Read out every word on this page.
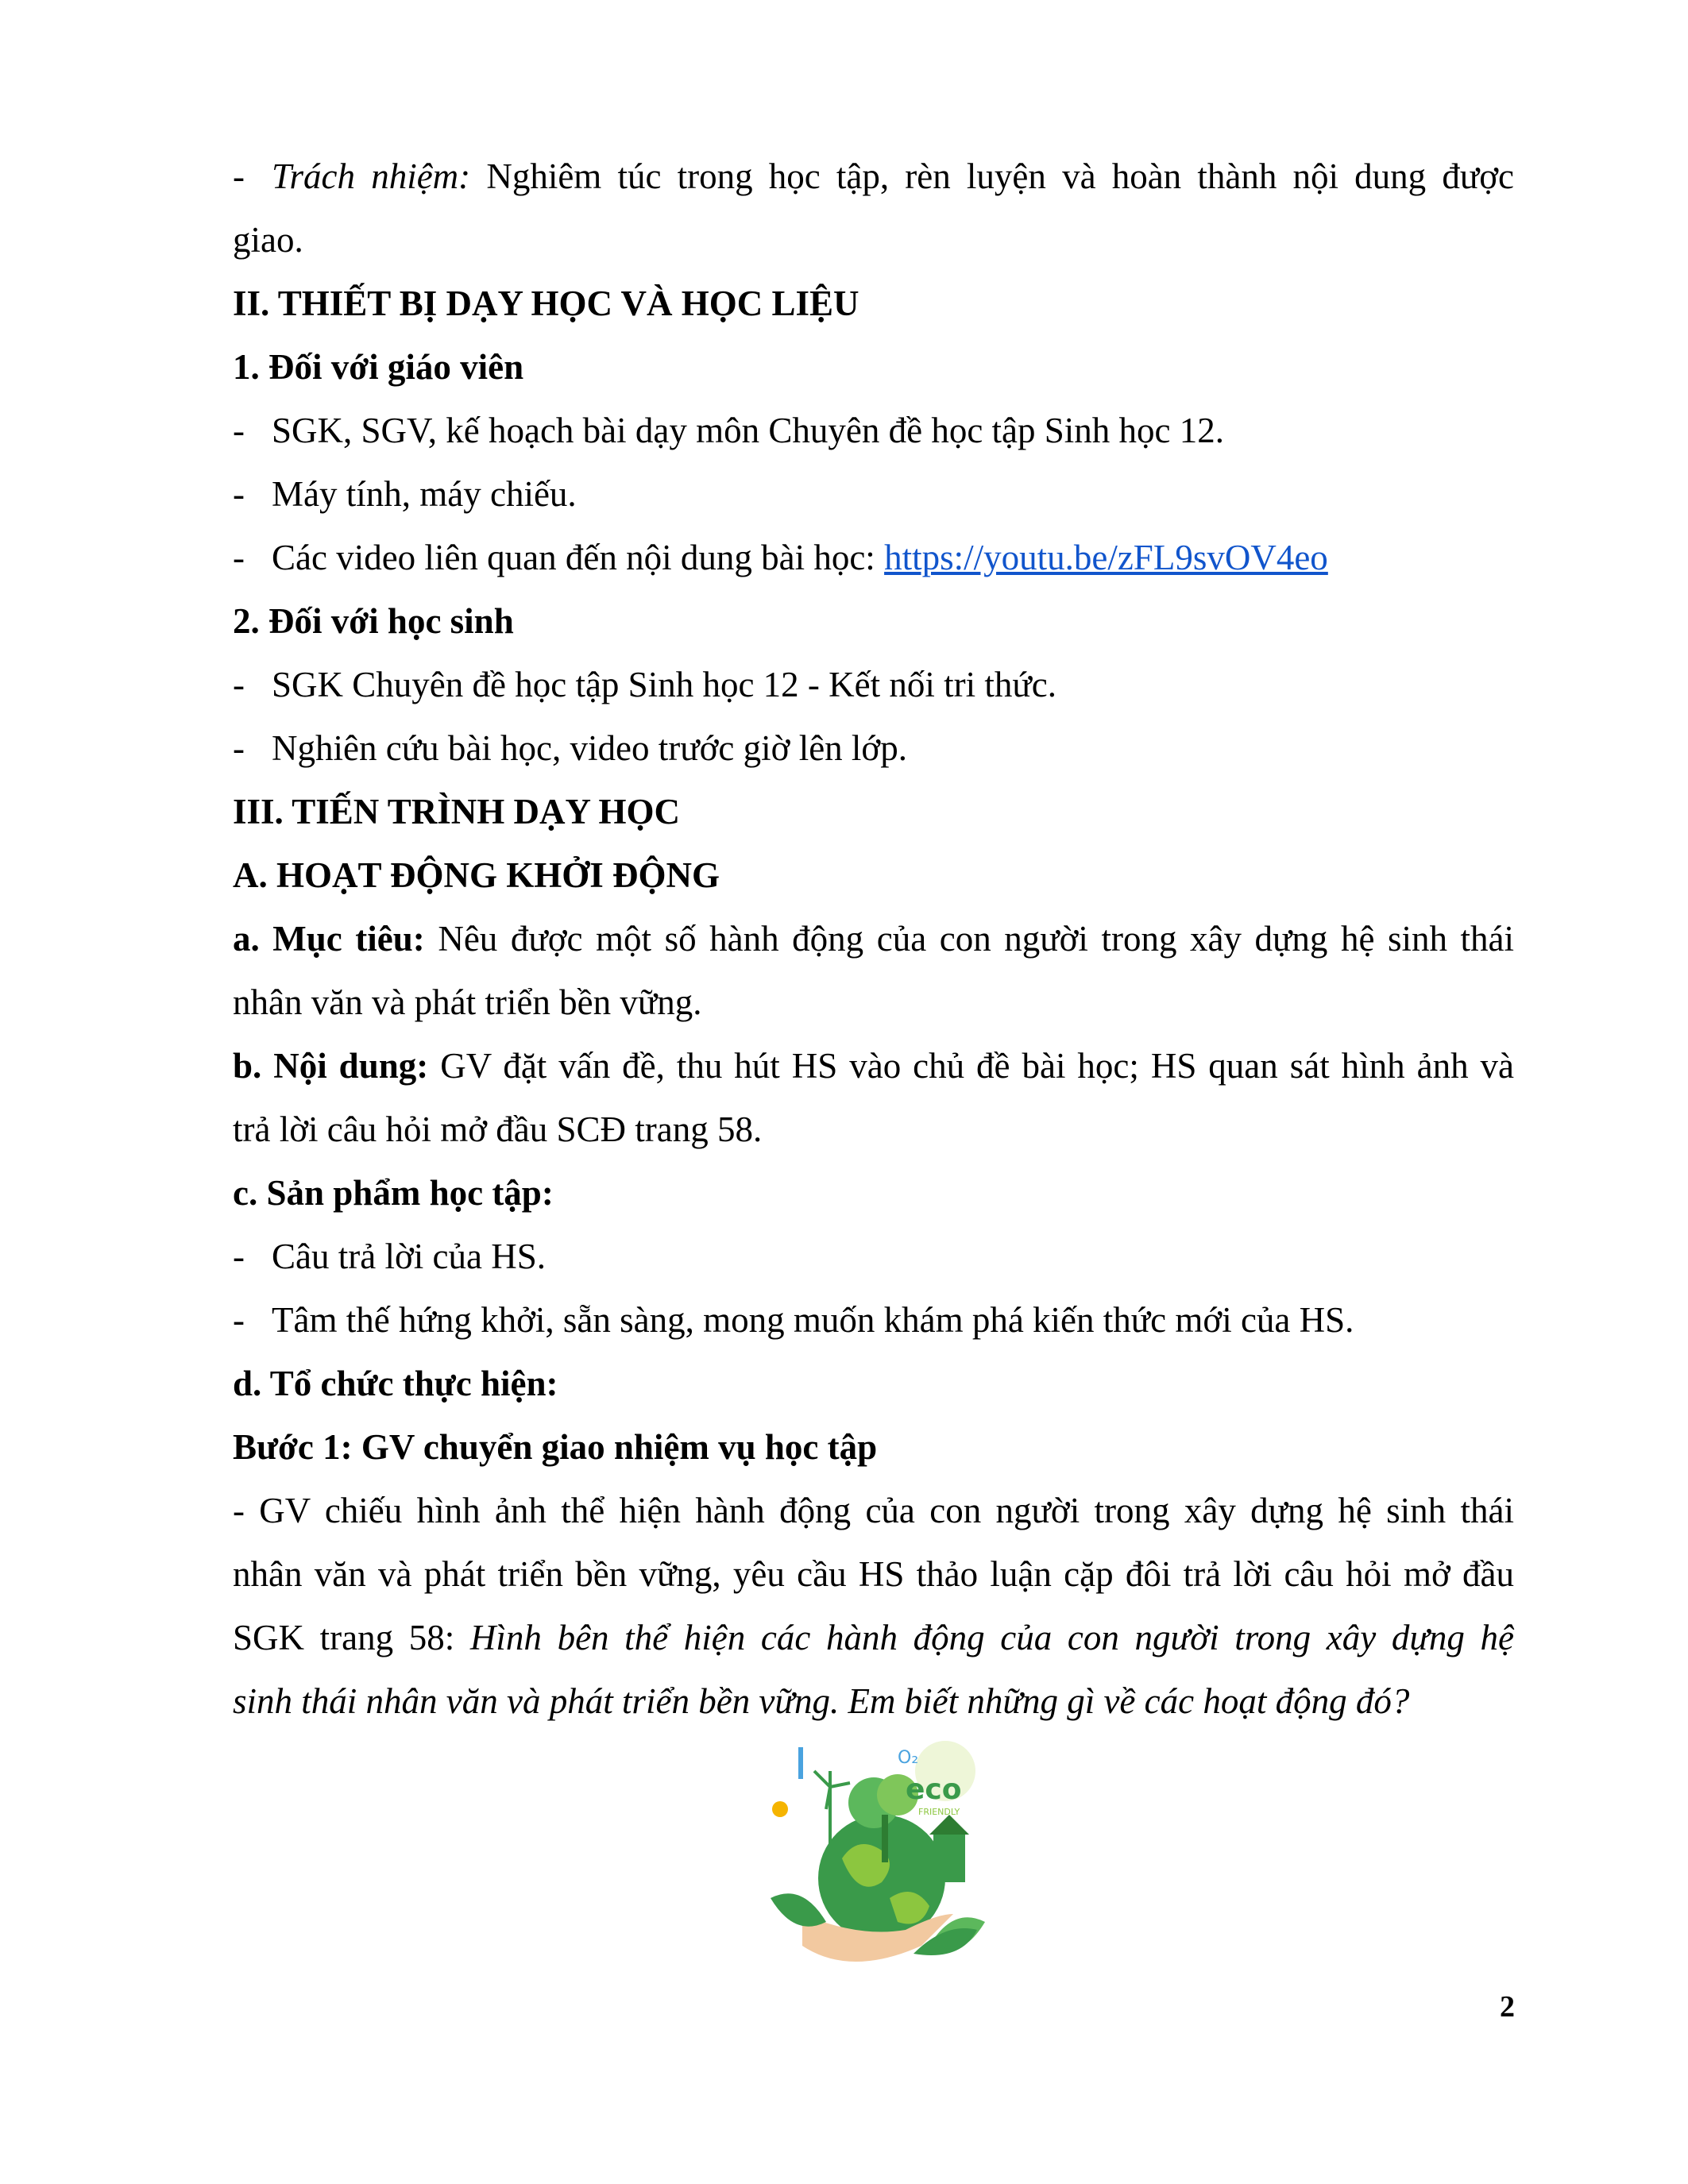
- Trách nhiệm: Nghiêm túc trong học tập, rèn luyện và hoàn thành nội dung được
giao.
II. THIẾT BỊ DẠY HỌC VÀ HỌC LIỆU
1. Đối với giáo viên
- SGK, SGV, kế hoạch bài dạy môn Chuyên đề học tập Sinh học 12.
- Máy tính, máy chiếu.
- Các video liên quan đến nội dung bài học: https://youtu.be/zFL9svOV4eo
2. Đối với học sinh
- SGK Chuyên đề học tập Sinh học 12 - Kết nối tri thức.
- Nghiên cứu bài học, video trước giờ lên lớp.
III. TIẾN TRÌNH DẠY HỌC
A. HOẠT ĐỘNG KHỞI ĐỘNG
a. Mục tiêu: Nêu được một số hành động của con người trong xây dựng hệ sinh thái
nhân văn và phát triển bền vững.
b. Nội dung: GV đặt vấn đề, thu hút HS vào chủ đề bài học; HS quan sát hình ảnh và
trả lời câu hỏi mở đầu SCĐ trang 58.
c. Sản phẩm học tập:
- Câu trả lời của HS.
- Tâm thế hứng khởi, sẵn sàng, mong muốn khám phá kiến thức mới của HS.
d. Tổ chức thực hiện:
Bước 1: GV chuyển giao nhiệm vụ học tập
- GV chiếu hình ảnh thể hiện hành động của con người trong xây dựng hệ sinh thái
nhân văn và phát triển bền vững, yêu cầu HS thảo luận cặp đôi trả lời câu hỏi mở đầu
SGK trang 58: Hình bên thể hiện các hành động của con người trong xây dựng hệ
sinh thái nhân văn và phát triển bền vững. Em biết những gì về các hoạt động đó?
eco
FRIENDLY
O₂
2
